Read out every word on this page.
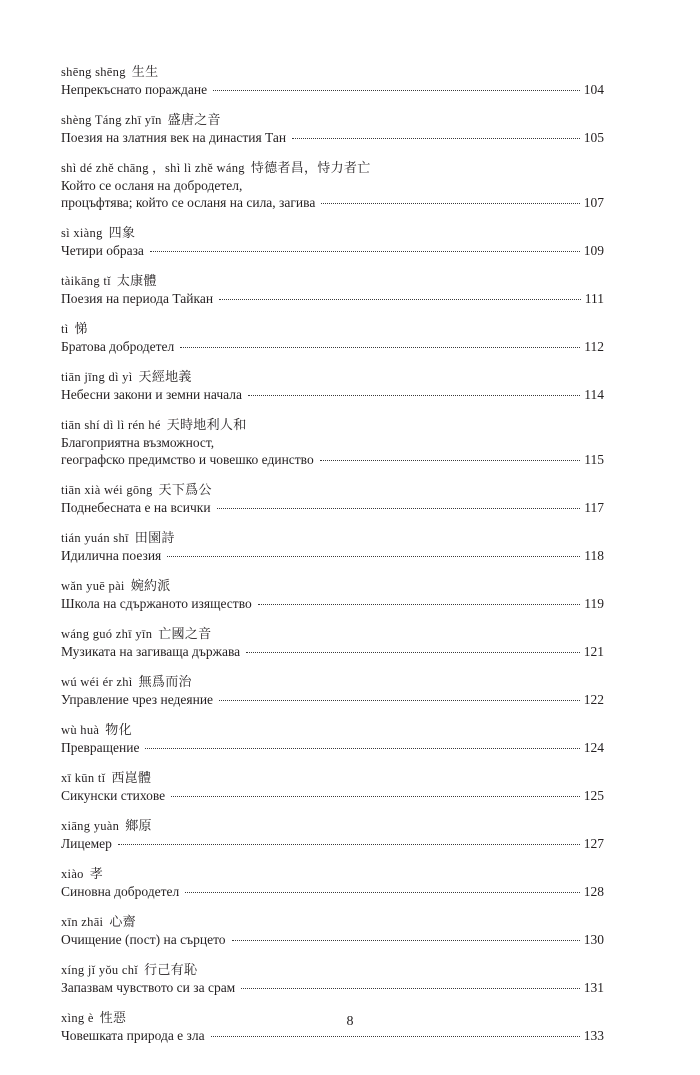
shēng shēng 生生
Непрекъснато пораждане	104
shèng Táng zhī yīn 盛唐之音
Поезия на златния век на династия Тан	105
shì dé zhě chāng ，shì lì zhě wáng 恃德者昌，恃力者亡
Който се осланя на добродетел,
процъфтява; който се осланя на сила, загива	107
sì xiàng 四象
Четири образа	109
tàikāng tǐ 太康體
Поезия на периода Тайкан	111
tì 悌
Братова добродетел	112
tiān jīng dì yì 天經地義
Небесни закони и земни начала	114
tiān shí dì lì rén hé 天時地利人和
Благоприятна възможност,
географско предимство и човешко единство	115
tiān xià wéi gōng 天下爲公
Поднебесната е на всички	117
tián yuán shī 田園詩
Идилична поезия	118
wǎn yuē pài 婉約派
Школа на сдържаното изящество	119
wáng guó zhī yīn 亡國之音
Музиката на загиваща държава	121
wú wéi ér zhì 無爲而治
Управление чрез недеяние	122
wù huà 物化
Превращение	124
xī kūn tǐ 西崑體
Сикунски стихове	125
xiāng yuàn 鄉原
Лицемер	127
xiào 孝
Синовна добродетел	128
xīn zhāi 心齋
Очищение (пост) на сърцето	130
xíng jǐ yǒu chǐ 行己有恥
Запазвам чувството си за срам	131
xìng è 性惡
Човешката природа е зла	133
8
